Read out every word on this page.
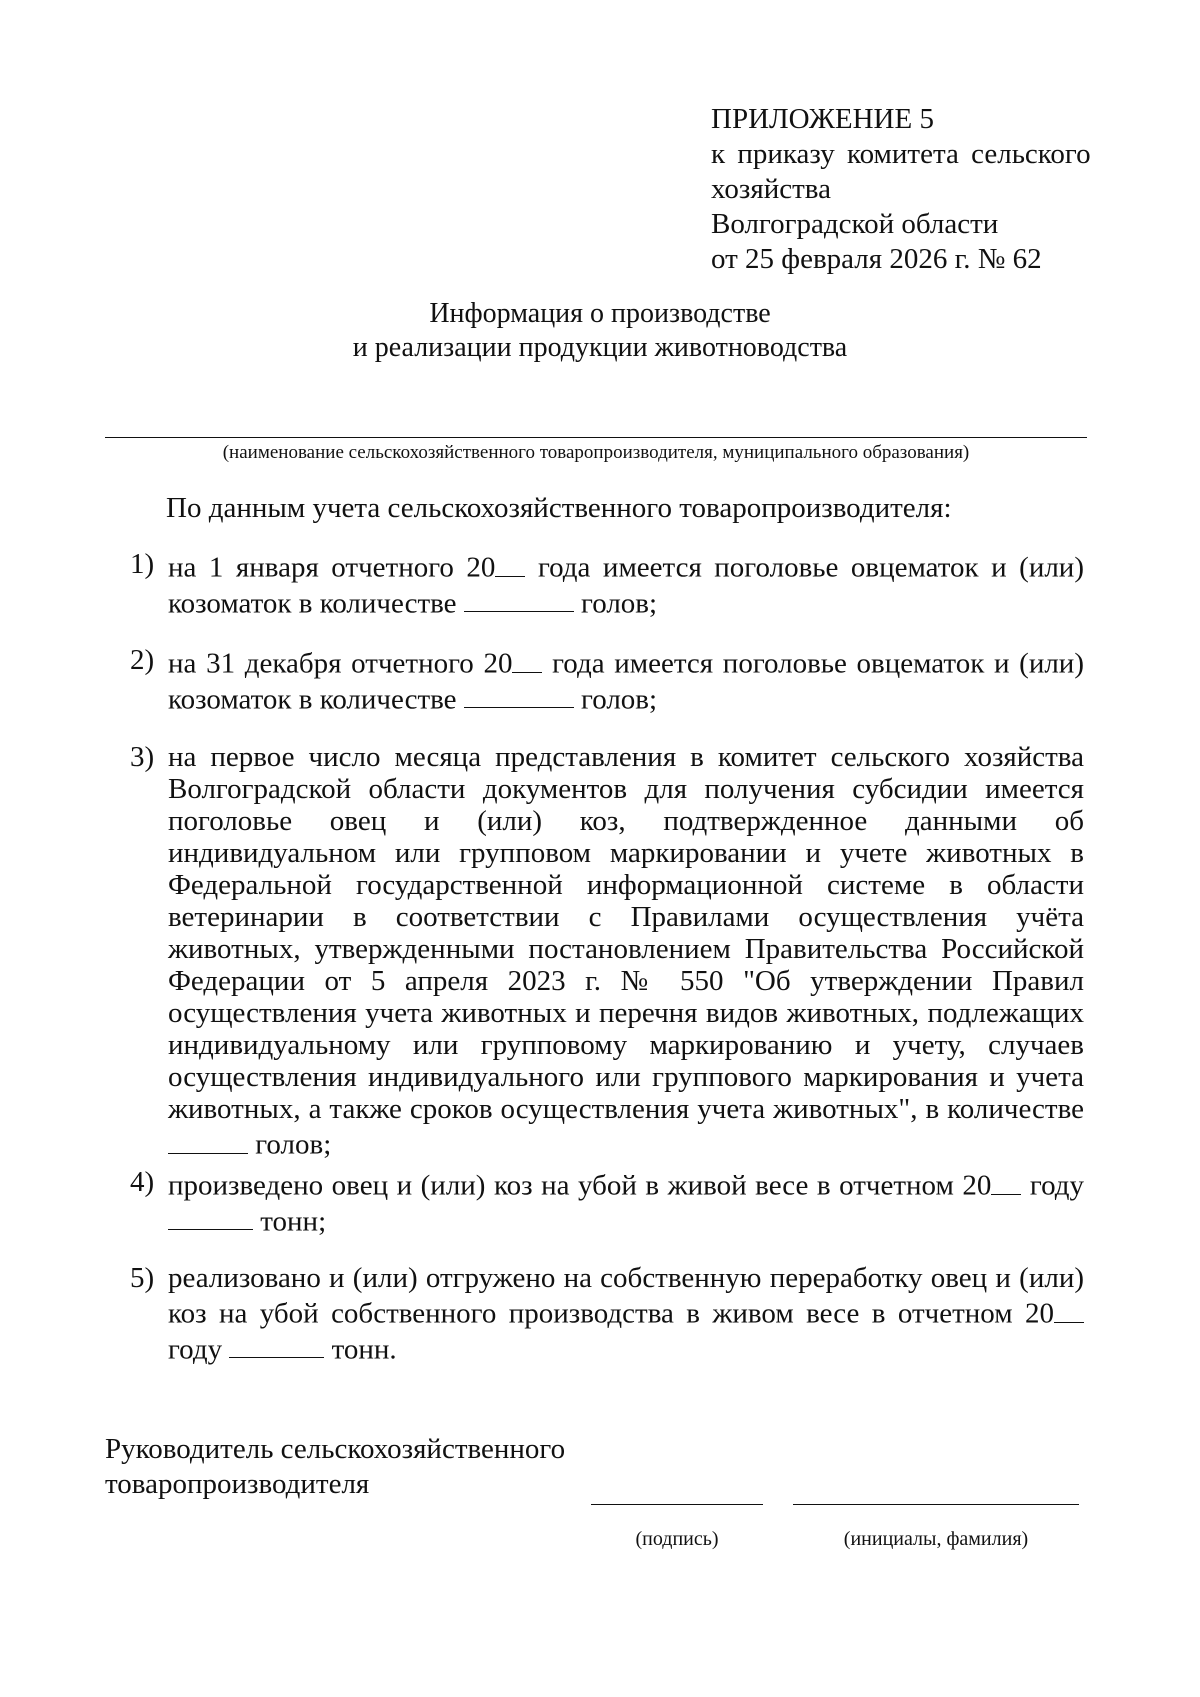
ПРИЛОЖЕНИЕ 5
к приказу комитета сельского
хозяйства
Волгоградской области
от 25 февраля 2026 г. № 62
Информация о производстве
и реализации продукции животноводства
(наименование сельскохозяйственного товаропроизводителя, муниципального образования)
По данным учета сельскохозяйственного товаропроизводителя:
1) на 1 января отчетного 20 года имеется поголовье овцематок и (или) козоматок в количестве	голов;
2) на 31 декабря отчетного 20 года имеется поголовье овцематок и (или) козоматок в количестве	голов;
3) на первое число месяца представления в комитет сельского хозяйства Волгоградской области документов для получения субсидии имеется поголовье овец и (или) коз, подтвержденное данными об индивидуальном или групповом маркировании и учете животных в Федеральной государственной информационной системе в области ветеринарии в соответствии с Правилами осуществления учёта животных, утвержденными постановлением Правительства Российской Федерации от 5 апреля 2023 г. № 550 "Об утверждении Правил осуществления учета животных и перечня видов животных, подлежащих индивидуальному или групповому маркированию и учету, случаев осуществления индивидуального или группового маркирования и учета животных, а также сроков осуществления учета животных", в количестве голов;
4) произведено овец и (или) коз на убой в живой весе в отчетном 20 году  тонн;
5) реализовано и (или) отгружено на собственную переработку овец и (или) коз на убой собственного производства в живом весе в отчетном 20 году	тонн.
Руководитель сельскохозяйственного
товаропроизводителя
(подпись)	(инициалы, фамилия)
